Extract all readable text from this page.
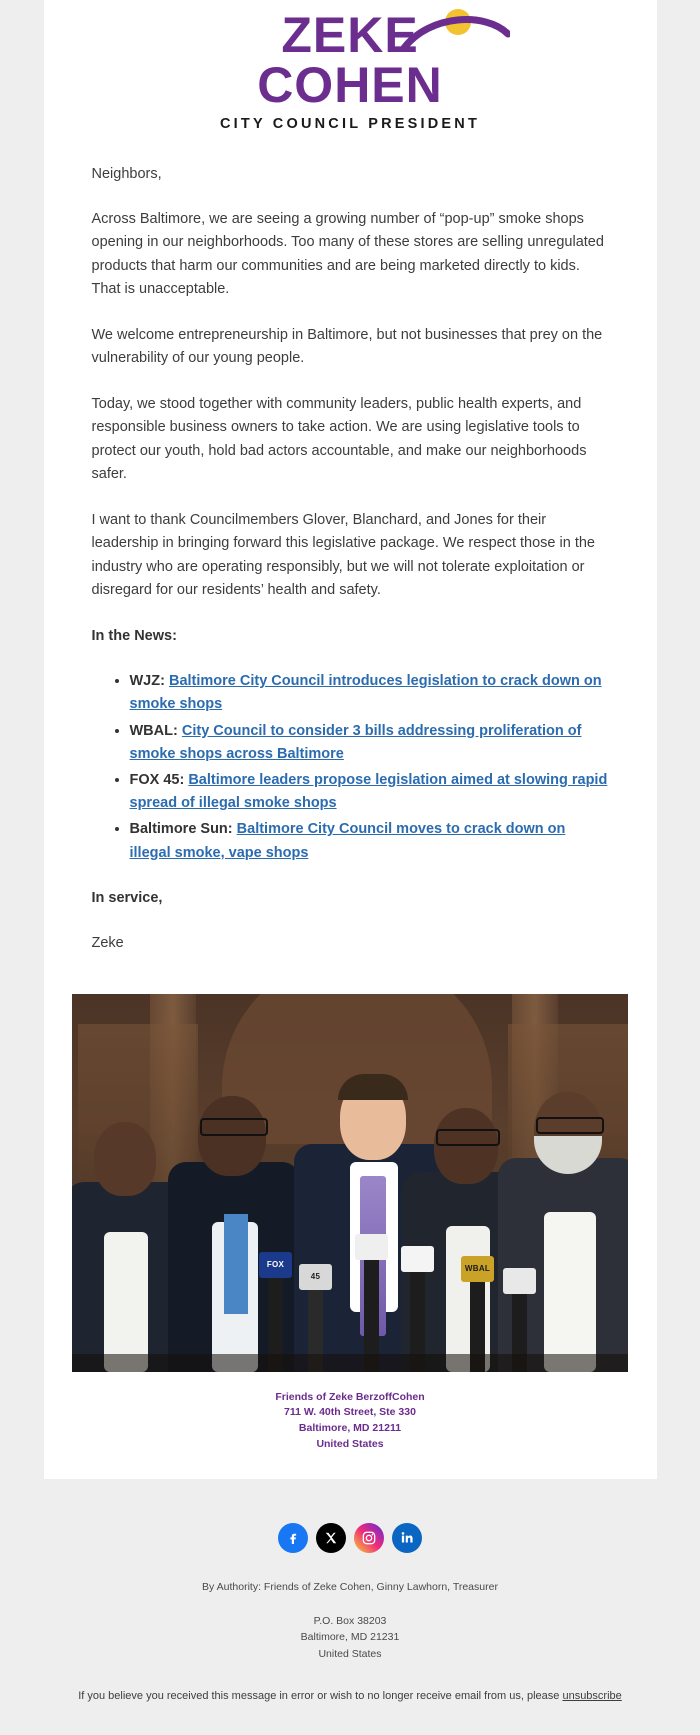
ZEKE
COHEN
CITY COUNCIL PRESIDENT

Neighbors,

Across Baltimore, we are seeing a growing number of “pop-up” smoke shops opening in our neighborhoods. Too many of these stores are selling unregulated products that harm our communities and are being marketed directly to kids. That is unacceptable.

We welcome entrepreneurship in Baltimore, but not businesses that prey on the vulnerability of our young people.

Today, we stood together with community leaders, public health experts, and responsible business owners to take action. We are using legislative tools to protect our youth, hold bad actors accountable, and make our neighborhoods safer.

I want to thank Councilmembers Glover, Blanchard, and Jones for their leadership in bringing forward this legislative package. We respect those in the industry who are operating responsibly, but we will not tolerate exploitation or disregard for our residents’ health and safety.

In the News:

• WJZ: Baltimore City Council introduces legislation to crack down on smoke shops
• WBAL: City Council to consider 3 bills addressing proliferation of smoke shops across Baltimore
• FOX 45: Baltimore leaders propose legislation aimed at slowing rapid spread of illegal smoke shops
• Baltimore Sun: Baltimore City Council moves to crack down on illegal smoke, vape shops

In service,

Zeke

FOX
45
WBAL
Friends of Zeke BerzoffCohen
711 W. 40th Street, Ste 330
Baltimore, MD 21211
United States

By Authority: Friends of Zeke Cohen, Ginny Lawhorn, Treasurer

P.O. Box 38203
Baltimore, MD 21231
United States
If you believe you received this message in error or wish to no longer receive email from us, please unsubscribe
